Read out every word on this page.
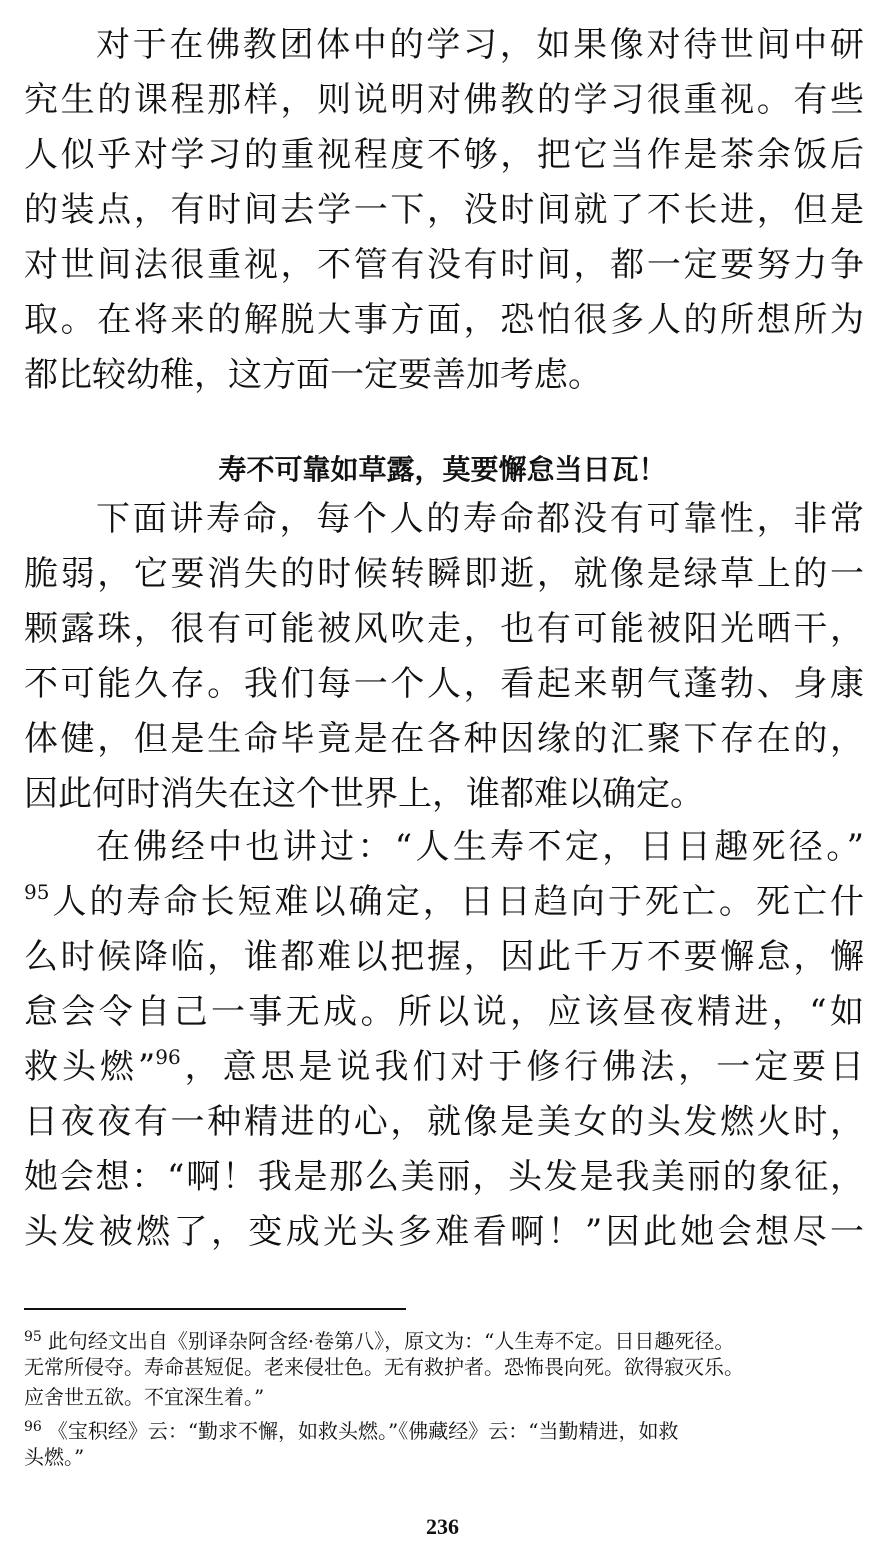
对于在佛教团体中的学习，如果像对待世间中研
究生的课程那样，则说明对佛教的学习很重视。有些
人似乎对学习的重视程度不够，把它当作是茶余饭后
的装点，有时间去学一下，没时间就了不长进，但是
对世间法很重视，不管有没有时间，都一定要努力争
取。在将来的解脱大事方面，恐怕很多人的所想所为
都比较幼稚，这方面一定要善加考虑。
寿不可靠如草露，莫要懈怠当日瓦！
下面讲寿命，每个人的寿命都没有可靠性，非常
脆弱，它要消失的时候转瞬即逝，就像是绿草上的一
颗露珠，很有可能被风吹走，也有可能被阳光晒干，
不可能久存。我们每一个人，看起来朝气蓬勃、身康
体健，但是生命毕竟是在各种因缘的汇聚下存在的，
因此何时消失在这个世界上，谁都难以确定。
在佛经中也讲过：“人生寿不定，日日趣死径。”
$^{95}$人的寿命长短难以确定，日日趋向于死亡。死亡什
么时候降临，谁都难以把握，因此千万不要懈怠，懈
怠会令自己一事无成。所以说，应该昼夜精进，“如
救头燃”$^{96}$，意思是说我们对于修行佛法，一定要日
日夜夜有一种精进的心，就像是美女的头发燃火时，
她会想：“啊！我是那么美丽，头发是我美丽的象征，
头发被燃了，变成光头多难看啊！”因此她会想尽一
$^{95}$ 此句经文出自《别译杂阿含经·卷第八》，原文为：“人生寿不定。日日趣死径。
无常所侵夺。寿命甚短促。老来侵壮色。无有救护者。恐怖畏向死。欲得寂灭乐。
应舍世五欲。不宜深生着。”
$^{96}$ 《宝积经》云：“勤求不懈，如救头燃。”《佛藏经》云：“当勤精进，如救
头燃。”
236
